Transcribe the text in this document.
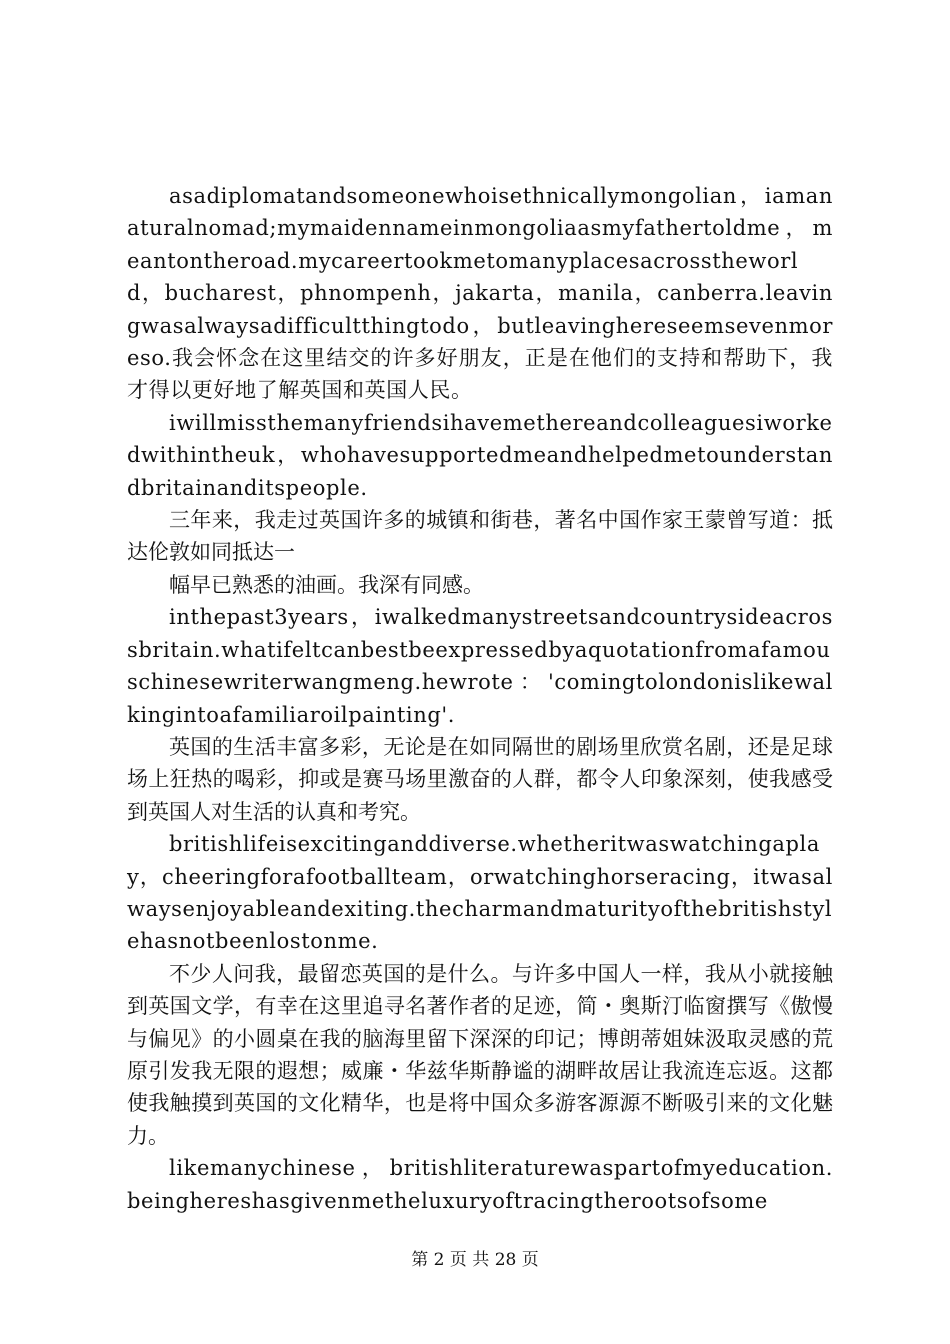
asadiplomatandsomeonewhoisethnicallymongolian，iamanaturalnomad;mymaidennameinmongoliaasmyfathertoldme，meantontheroad.mycareertookmetomanyplacesacrosstheworld，bucharest，phnompenh，jakarta，manila，canberra.leavingwasalwaysadifficultthingtodo，butleavinghereseemsevenmoreso.我会怀念在这里结交的许多好朋友，正是在他们的支持和帮助下，我才得以更好地了解英国和英国人民。

iwillmissthemanyfriendsihavemethereandcolleaguesiworkedwithintheuk，whohavesupportedmeandhelpedmetounderstandbritainanditspeople.

三年来，我走过英国许多的城镇和街巷，著名中国作家王蒙曾写道：抵达伦敦如同抵达一

幅早已熟悉的油画。我深有同感。

inthepast3years，iwalkedmanystreetsandcountrysideacrossbritain.whatifeltcanbestbeexpressedbyaquotationfromafamouschinesewriterwangmeng.hewrote：'comingtolondonislikewalkingintoafamiliaroilpainting'.

英国的生活丰富多彩，无论是在如同隔世的剧场里欣赏名剧，还是足球场上狂热的喝彩，抑或是赛马场里激奋的人群，都令人印象深刻，使我感受到英国人对生活的认真和考究。

britishlifeisexcitinganddiverse.whetheritwaswatchingaplay，cheeringforafootballteam，orwatchinghorseracing，itwasalwaysenjoyableandexiting.thecharmandmaturityofthebritishstylehasnotbeenlostonme.

不少人问我，最留恋英国的是什么。与许多中国人一样，我从小就接触到英国文学，有幸在这里追寻名著作者的足迹，简・奥斯汀临窗撰写《傲慢与偏见》的小圆桌在我的脑海里留下深深的印记；博朗蒂姐妹汲取灵感的荒原引发我无限的遐想；威廉・华兹华斯静谧的湖畔故居让我流连忘返。这都使我触摸到英国的文化精华，也是将中国众多游客源源不断吸引来的文化魅力。

likemanychinese，britishliteraturewaspartofmyeducation.beinghereshasgivenmetheluxuryoftracingtherootsofsome

第 2 页 共 28 页
